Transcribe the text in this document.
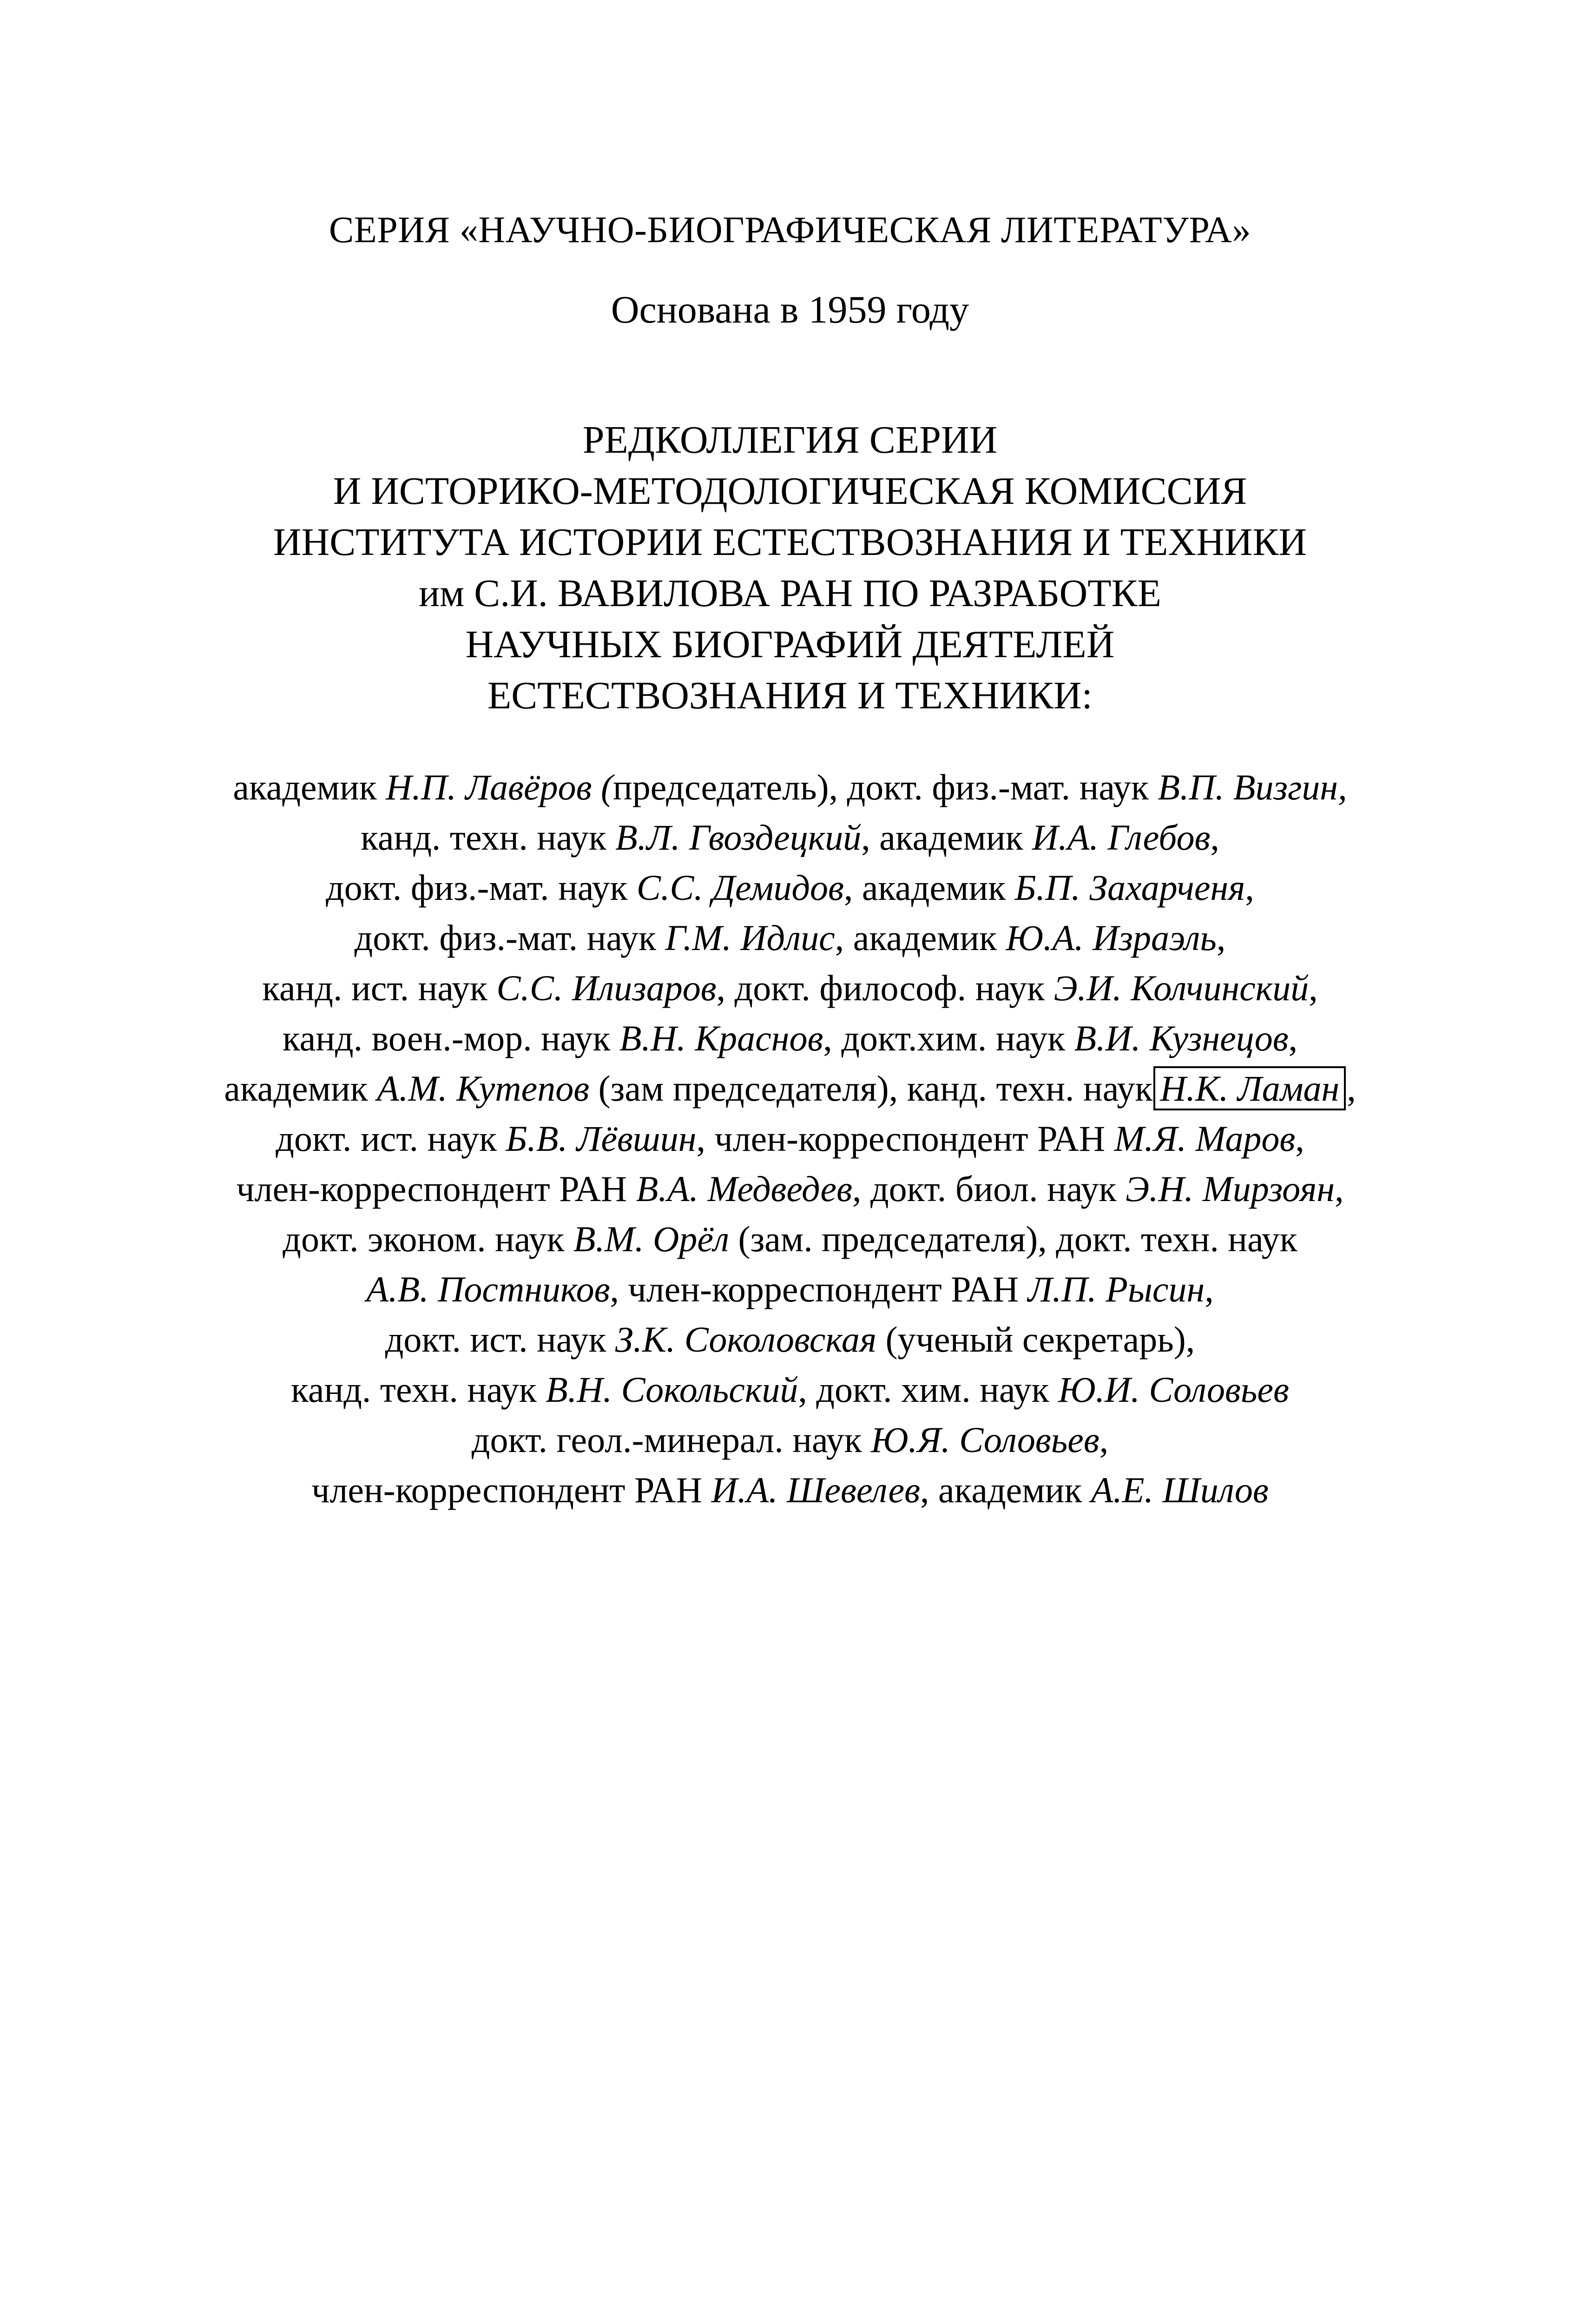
СЕРИЯ «НАУЧНО-БИОГРАФИЧЕСКАЯ ЛИТЕРАТУРА»
Основана в 1959 году
РЕДКОЛЛЕГИЯ СЕРИИ
И ИСТОРИКО-МЕТОДОЛОГИЧЕСКАЯ КОМИССИЯ
ИНСТИТУТА ИСТОРИИ ЕСТЕСТВОЗНАНИЯ И ТЕХНИКИ
им С.И. ВАВИЛОВА РАН ПО РАЗРАБОТКЕ
НАУЧНЫХ БИОГРАФИЙ ДЕЯТЕЛЕЙ
ЕСТЕСТВОЗНАНИЯ И ТЕХНИКИ:
академик Н.П. Лавёров (председатель), докт. физ.-мат. наук В.П. Визгин,
канд. техн. наук В.Л. Гвоздецкий, академик И.А. Глебов,
докт. физ.-мат. наук С.С. Демидов, академик Б.П. Захарченя,
докт. физ.-мат. наук Г.М. Идлис, академик Ю.А. Израэль,
канд. ист. наук С.С. Илизаров, докт. философ. наук Э.И. Колчинский,
канд. воен.-мор. наук В.Н. Краснов, докт.хим. наук В.И. Кузнецов,
академик А.М. Кутепов (зам председателя), канд. техн. наук Н.К. Ламан ,
докт. ист. наук Б.В. Лёвшин, член-корреспондент РАН М.Я. Маров,
член-корреспондент РАН В.А. Медведев, докт. биол. наук Э.Н. Мирзоян,
докт. эконом. наук В.М. Орёл (зам. председателя), докт. техн. наук
А.В. Постников, член-корреспондент РАН Л.П. Рысин,
докт. ист. наук З.К. Соколовская (ученый секретарь),
канд. техн. наук В.Н. Сокольский, докт. хим. наук Ю.И. Соловьев
докт. геол.-минерал. наук Ю.Я. Соловьев,
член-корреспондент РАН И.А. Шевелев, академик А.Е. Шилов
